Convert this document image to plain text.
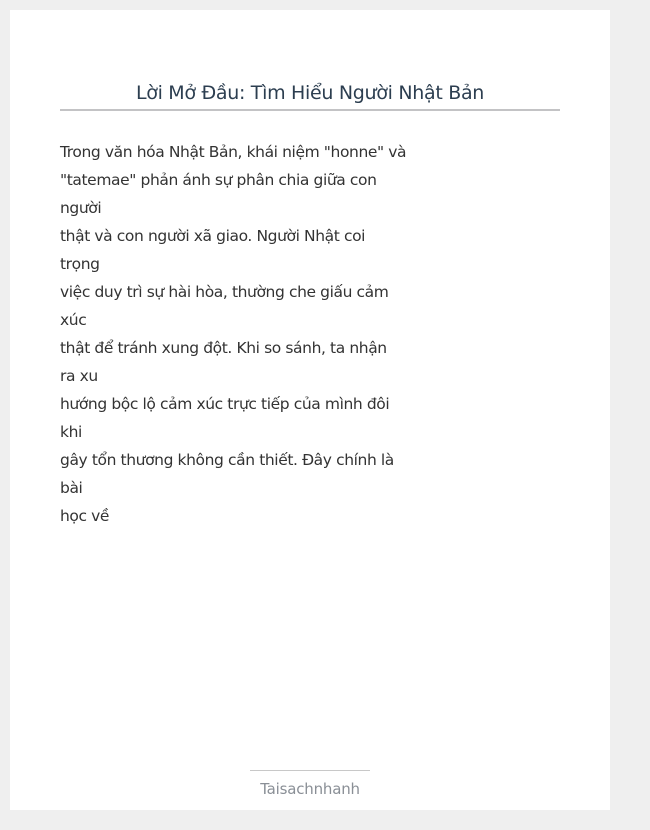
Lời Mở Đầu: Tìm Hiểu Người Nhật Bản
Trong văn hóa Nhật Bản, khái niệm "honne" và
"tatemae" phản ánh sự phân chia giữa con
người
thật và con người xã giao. Người Nhật coi
trọng
việc duy trì sự hài hòa, thường che giấu cảm
xúc
thật để tránh xung đột. Khi so sánh, ta nhận
ra xu
hướng bộc lộ cảm xúc trực tiếp của mình đôi
khi
gây tổn thương không cần thiết. Đây chính là
bài
học về
Taisachnhanh
